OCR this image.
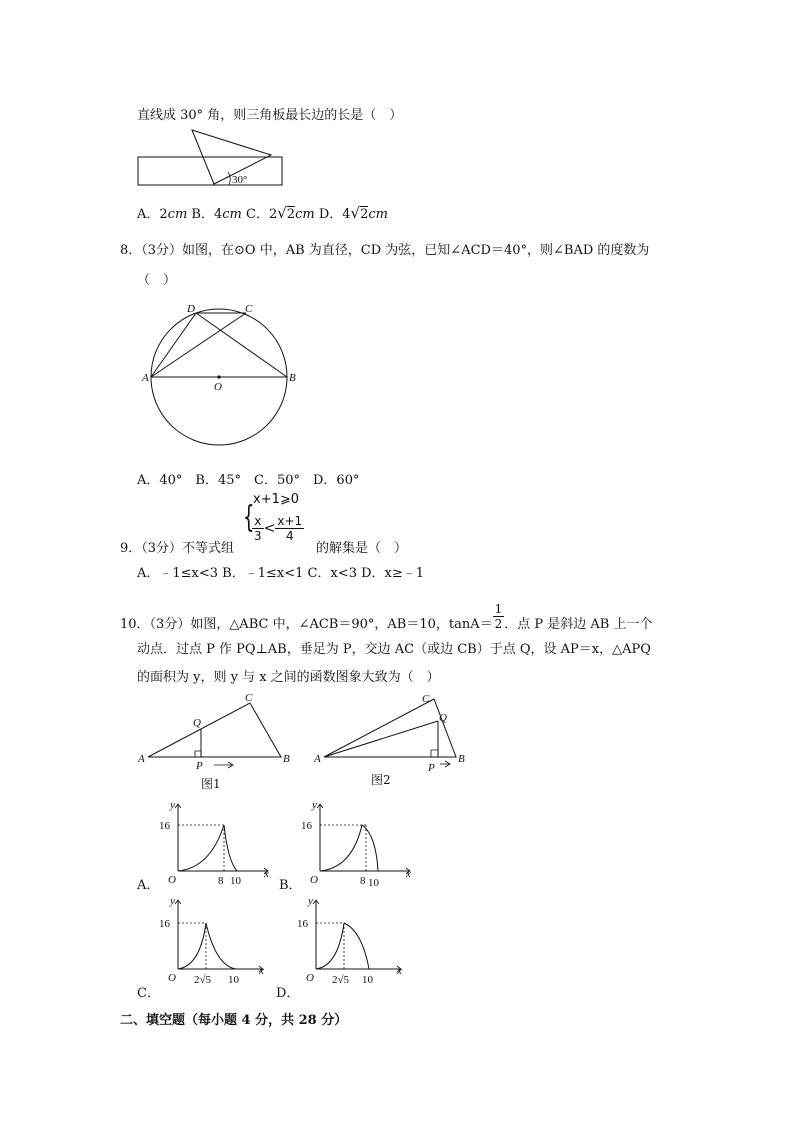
直线成 30° 角，则三角板最长边的长是（　）
30°
A．2cm B．4cm C．2√2cm D．4√2cm
8．（3分）如图，在⊙O 中，AB 为直径，CD 为弦，已知∠ACD＝40°，则∠BAD 的度数为
（　）
D	C
A	B
O
A．40°　B．45°　C．50°　D．60°
9．（3分）不等式组
{
x+1⩾0
$\frac{x}{3} < \frac{x+1}{4}$
的解集是（　）
A．﹣1≤x<3 B．﹣1≤x<1 C．x<3 D．x≥﹣1
10．（3分）如图，△ABC 中，∠ACB＝90°，AB＝10，$\tan A= \frac{1}{2}$ ．点 P 是斜边 AB 上一个
动点．过点 P 作 PQ⊥AB，垂足为 P，交边 AC（或边 CB）于点 Q，设 AP＝x，△APQ
的面积为 y，则 y 与 x 之间的函数图象大致为（　）
A
C
B
Q
P
图1
A
C
Q
B
P
图2
y
16
O	8 10
x
A．
y
16
O	8 10
x
B．
y
16
O 2√5 10
x
C．
y
16
O 2√5 10
x
D．
二、填空题（每小题 4 分，共 28 分）
